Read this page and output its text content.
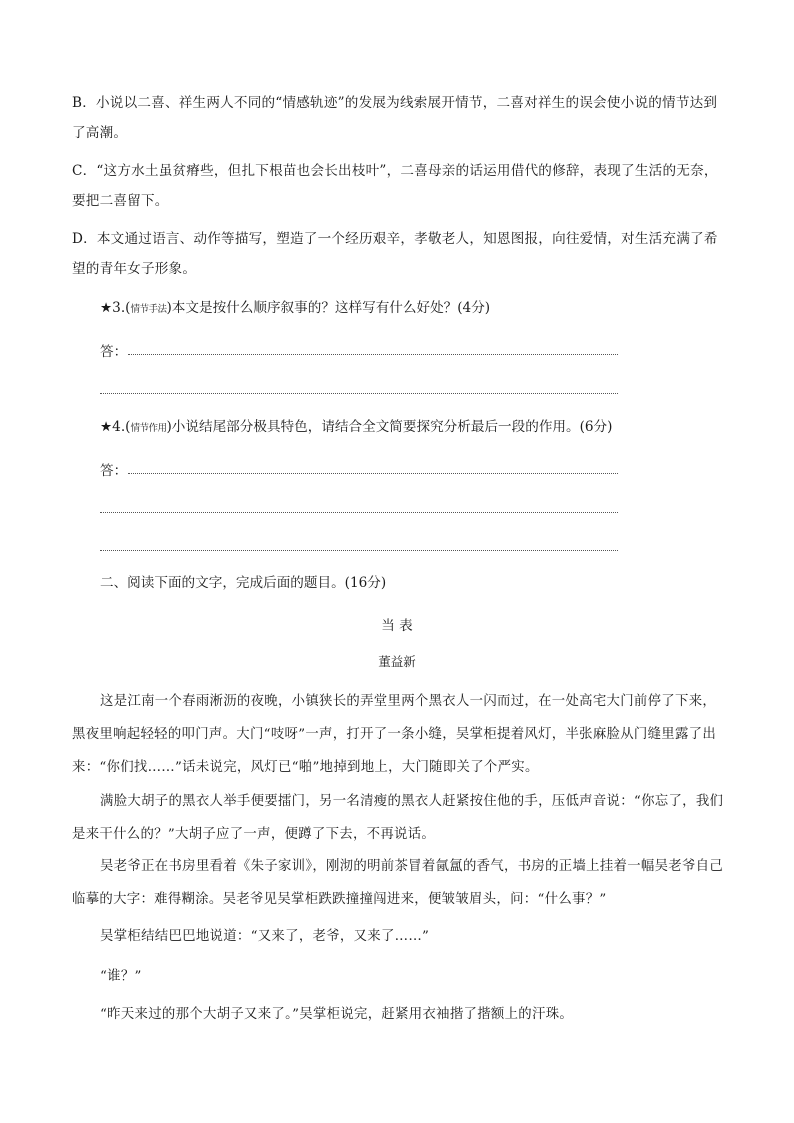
B．小说以二喜、祥生两人不同的“情感轨迹”的发展为线索展开情节，二喜对祥生的误会使小说的情节达到了高潮。

C．“这方水土虽贫瘠些，但扎下根苗也会长出枝叶”，二喜母亲的话运用借代的修辞，表现了生活的无奈，要把二喜留下。

D．本文通过语言、动作等描写，塑造了一个经历艰辛，孝敬老人，知恩图报，向往爱情，对生活充满了希望的青年女子形象。

★3.(情节手法)本文是按什么顺序叙事的？这样写有什么好处？(4分)

答：

★4.(情节作用)小说结尾部分极具特色，请结合全文简要探究分析最后一段的作用。(6分)

答：

二、阅读下面的文字，完成后面的题目。(16分)

当 表
董益新

这是江南一个春雨淅沥的夜晚，小镇狭长的弄堂里两个黑衣人一闪而过，在一处高宅大门前停了下来，黑夜里响起轻轻的叩门声。大门“吱呀”一声，打开了一条小缝，吴掌柜提着风灯，半张麻脸从门缝里露了出来：“你们找……”话未说完，风灯已“啪”地掉到地上，大门随即关了个严实。

满脸大胡子的黑衣人举手便要擂门，另一名清瘦的黑衣人赶紧按住他的手，压低声音说：“你忘了，我们是来干什么的？”大胡子应了一声，便蹲了下去，不再说话。

吴老爷正在书房里看着《朱子家训》，刚沏的明前茶冒着氤氲的香气，书房的正墙上挂着一幅吴老爷自己临摹的大字：难得糊涂。吴老爷见吴掌柜跌跌撞撞闯进来，便皱皱眉头，问：“什么事？”

吴掌柜结结巴巴地说道：“又来了，老爷，又来了……”

“谁？”

“昨天来过的那个大胡子又来了。”吴掌柜说完，赶紧用衣袖揩了揩额上的汗珠。
